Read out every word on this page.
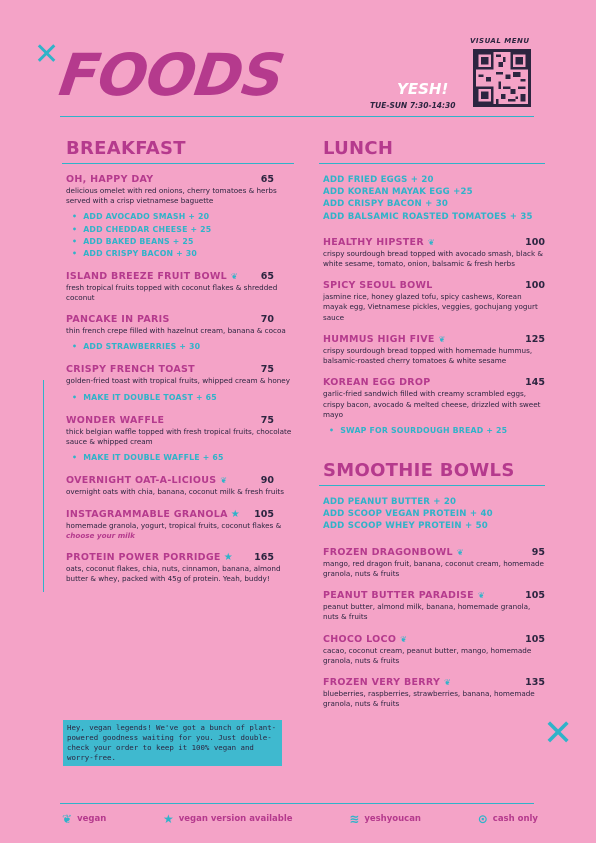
✕
FOODS	YESH!
TUE-SUN 7:30-14:30
VISUAL MENU
✕
BREAKFAST
OH, HAPPY DAY	65
delicious omelet with red onions, cherry tomatoes & herbs served with a crisp vietnamese baguette
• ADD AVOCADO SMASH + 20
• ADD CHEDDAR CHEESE + 25
• ADD BAKED BEANS + 25
• ADD CRISPY BACON + 30
ISLAND BREEZE FRUIT BOWL ❦ 65
fresh tropical fruits topped with coconut flakes & shredded coconut
PANCAKE IN PARIS	70
thin french crepe filled with hazelnut cream, banana & cocoa
• ADD STRAWBERRIES + 30
CRISPY FRENCH TOAST	75
golden-fried toast with tropical fruits, whipped cream & honey
• MAKE IT DOUBLE TOAST + 65
WONDER WAFFLE	75
thick belgian waffle topped with fresh tropical fruits, chocolate sauce & whipped cream
• MAKE IT DOUBLE WAFFLE + 65
OVERNIGHT OAT-A-LICIOUS ❦	90
overnight oats with chia, banana, coconut milk & fresh fruits
INSTAGRAMMABLE GRANOLA ★ 105
homemade granola, yogurt, tropical fruits, coconut flakes & choose your milk
PROTEIN POWER PORRIDGE ★ 165
oats, coconut flakes, chia, nuts, cinnamon, banana, almond butter & whey, packed with 45g of protein. Yeah, buddy!
Hey, vegan legends! We've got a bunch of plant-powered goodness waiting for you. Just double-check your order to keep it 100% vegan and worry-free.
LUNCH
ADD FRIED EGGS + 20
ADD KOREAN MAYAK EGG +25
ADD CRISPY BACON + 30
ADD BALSAMIC ROASTED TOMATOES + 35
HEALTHY HIPSTER ❦	100
crispy sourdough bread topped with avocado smash, black & white sesame, tomato, onion, balsamic & fresh herbs
SPICY SEOUL BOWL	100
jasmine rice, honey glazed tofu, spicy cashews, Korean mayak egg, Vietnamese pickles, veggies, gochujang yogurt sauce
HUMMUS HIGH FIVE ❦	125
crispy sourdough bread topped with homemade hummus, balsamic-roasted cherry tomatoes & white sesame
KOREAN EGG DROP	145
garlic-fried sandwich filled with creamy scrambled eggs, crispy bacon, avocado & melted cheese, drizzled with sweet mayo
• SWAP FOR SOURDOUGH BREAD + 25
SMOOTHIE BOWLS
ADD PEANUT BUTTER + 20
ADD SCOOP VEGAN PROTEIN + 40
ADD SCOOP WHEY PROTEIN + 50
FROZEN DRAGONBOWL ❦	95
mango, red dragon fruit, banana, coconut cream, homemade granola, nuts & fruits
PEANUT BUTTER PARADISE ❦	105
peanut butter, almond milk, banana, homemade granola, nuts & fruits
CHOCO LOCO ❦	105
cacao, coconut cream, peanut butter, mango, homemade granola, nuts & fruits
FROZEN VERY BERRY ❦	135
blueberries, raspberries, strawberries, banana, homemade granola, nuts & fruits
❦ vegan	★ vegan version available	≋ yeshyoucan	⊙ cash only
